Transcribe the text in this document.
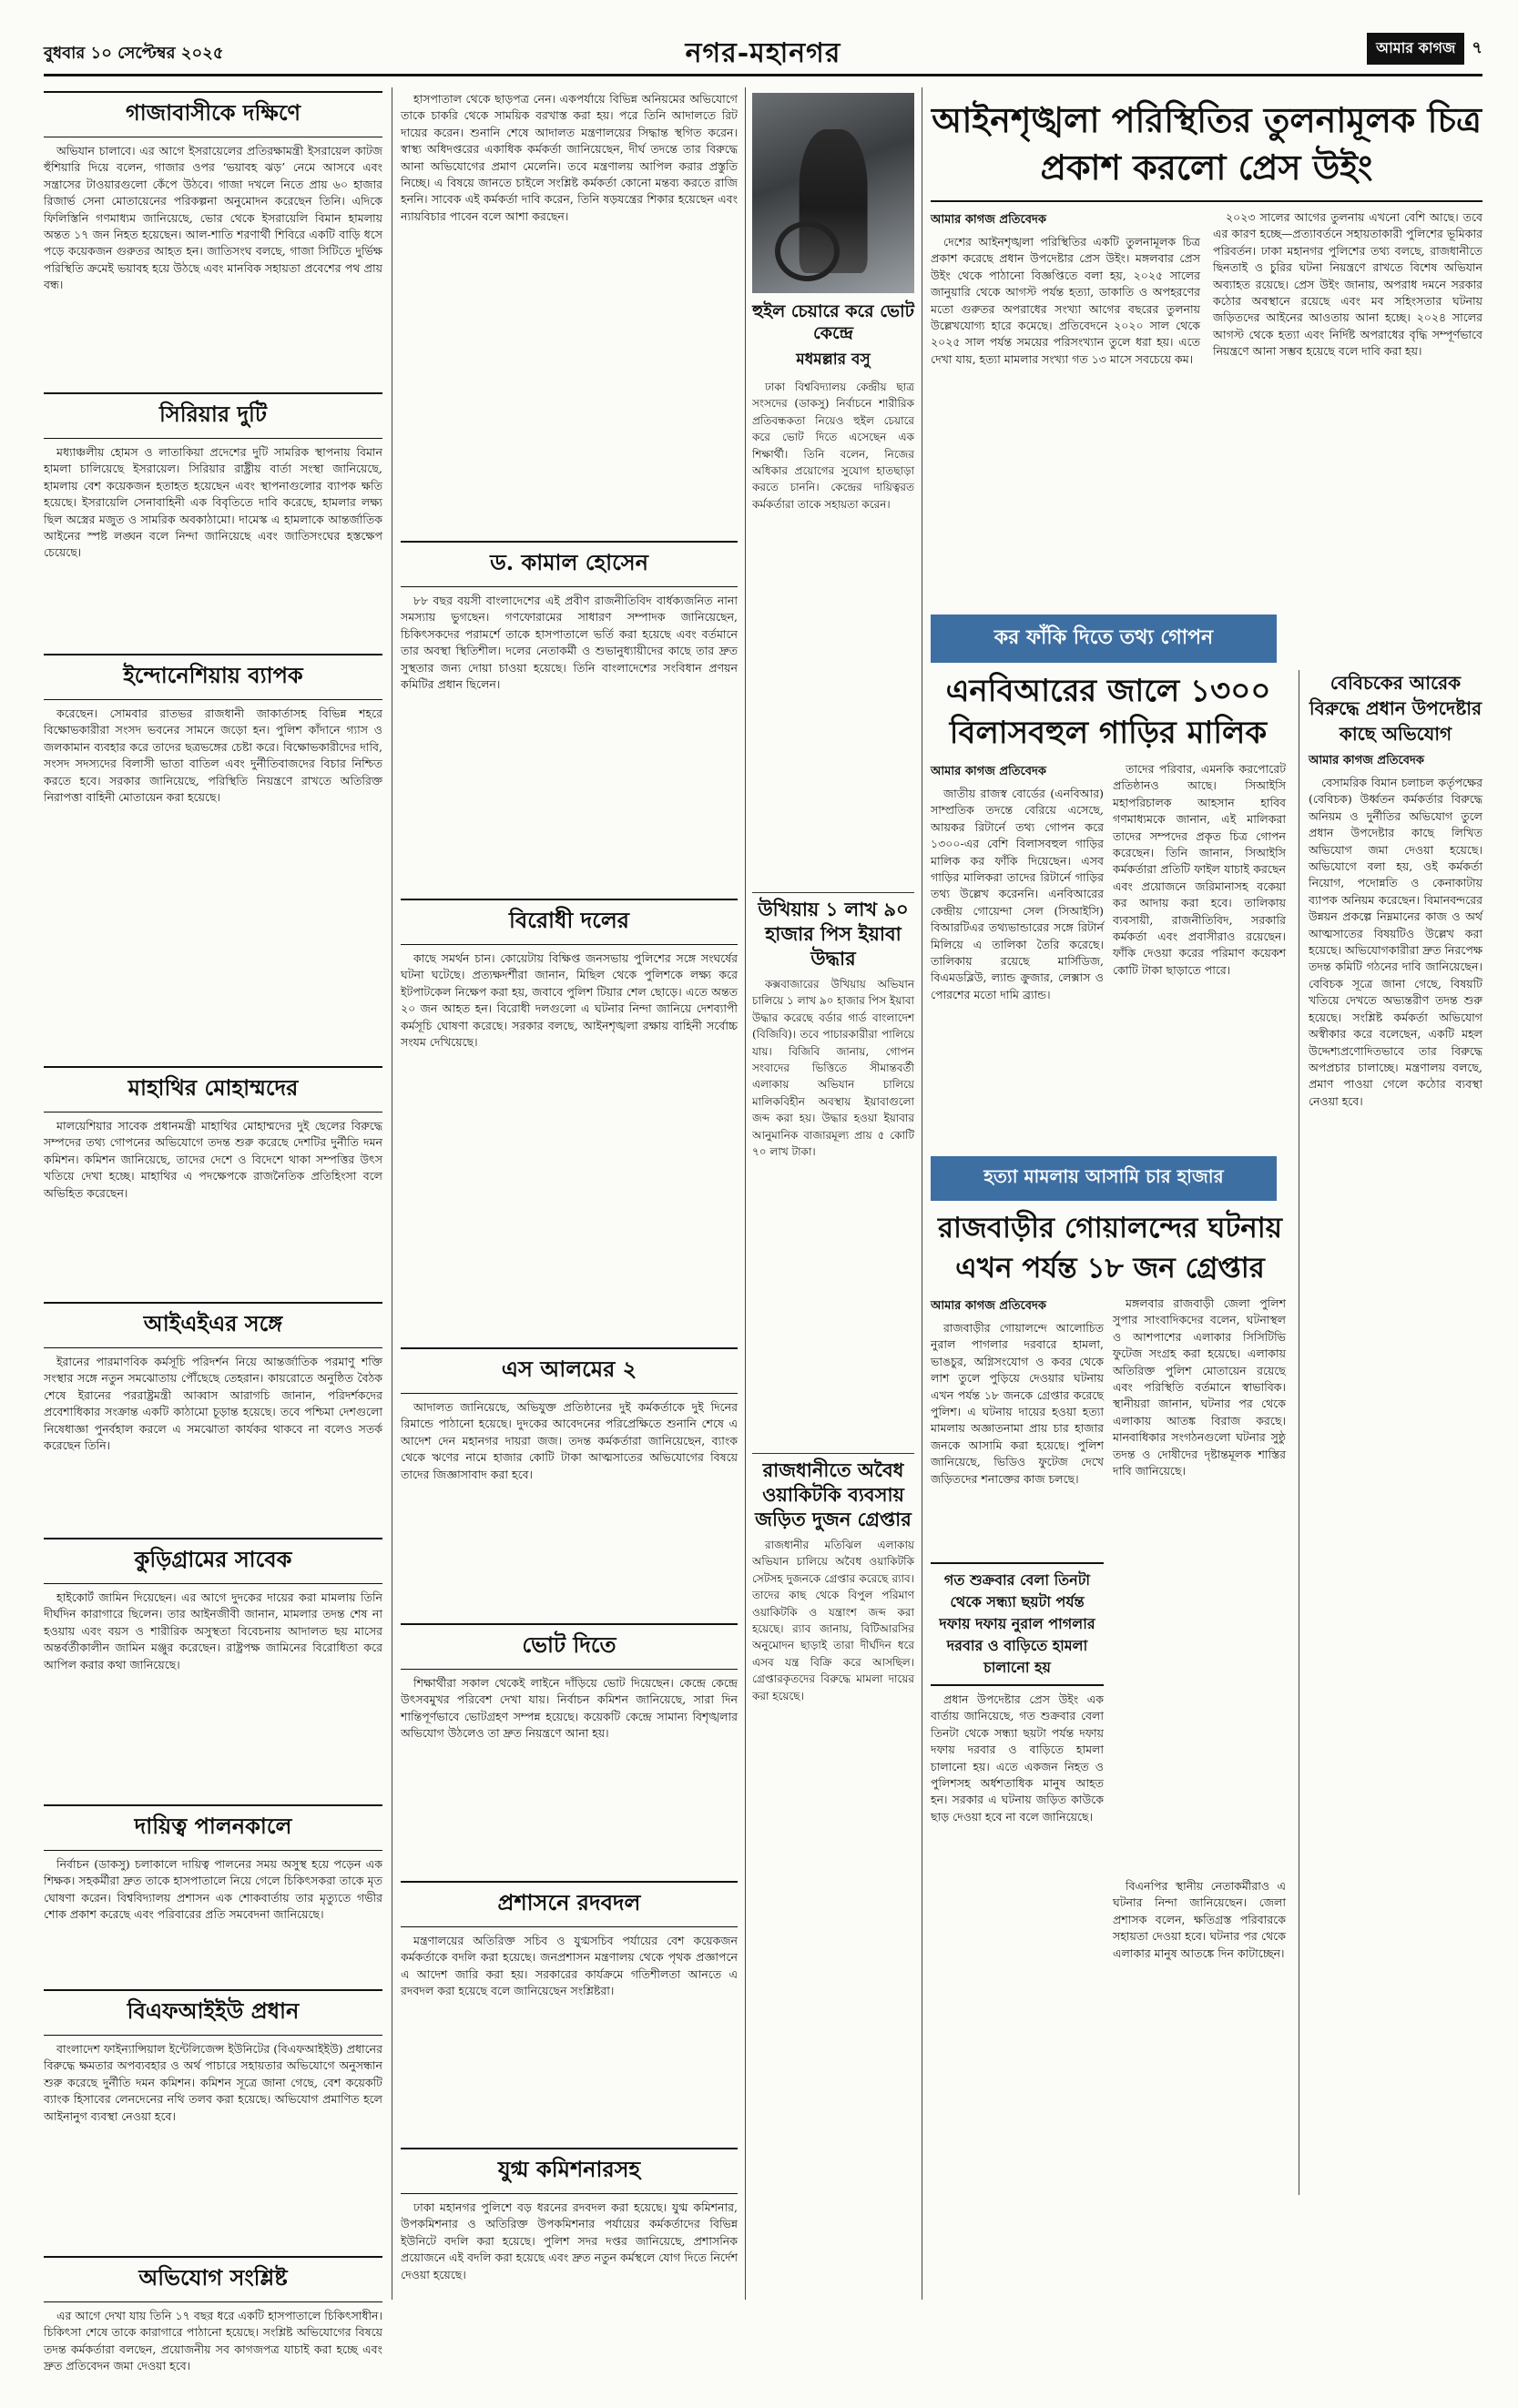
বুধবার ১০ সেপ্টেম্বর ২০২৫	নগর-মহানগর	আমার কাগজ	৭
গাজাবাসীকে দক্ষিণে

অভিযান চালাবে। এর আগে ইসরায়েলের প্রতিরক্ষামন্ত্রী ইসরায়েল কাটজ হুঁশিয়ারি দিয়ে বলেন, গাজার ওপর ‘ভয়াবহ ঝড়’ নেমে আসবে এবং সন্ত্রাসের টাওয়ারগুলো কেঁপে উঠবে। গাজা দখলে নিতে প্রায় ৬০ হাজার রিজার্ভ সেনা মোতায়েনের পরিকল্পনা অনুমোদন করেছেন তিনি। এদিকে ফিলিস্তিনি গণমাধ্যম জানিয়েছে, ভোর থেকে ইসরায়েলি বিমান হামলায় অন্তত ১৭ জন নিহত হয়েছেন। আল-শাতি শরণার্থী শিবিরে একটি বাড়ি ধসে পড়ে কয়েকজন গুরুতর আহত হন। জাতিসংঘ বলছে, গাজা সিটিতে দুর্ভিক্ষ পরিস্থিতি ক্রমেই ভয়াবহ হয়ে উঠছে এবং মানবিক সহায়তা প্রবেশের পথ প্রায় বন্ধ।

সিরিয়ার দুটি

মধ্যাঞ্চলীয় হোমস ও লাতাকিয়া প্রদেশের দুটি সামরিক স্থাপনায় বিমান হামলা চালিয়েছে ইসরায়েল। সিরিয়ার রাষ্ট্রীয় বার্তা সংস্থা জানিয়েছে, হামলায় বেশ কয়েকজন হতাহত হয়েছেন এবং স্থাপনাগুলোর ব্যাপক ক্ষতি হয়েছে। ইসরায়েলি সেনাবাহিনী এক বিবৃতিতে দাবি করেছে, হামলার লক্ষ্য ছিল অস্ত্রের মজুত ও সামরিক অবকাঠামো। দামেস্ক এ হামলাকে আন্তর্জাতিক আইনের স্পষ্ট লঙ্ঘন বলে নিন্দা জানিয়েছে এবং জাতিসংঘের হস্তক্ষেপ চেয়েছে।

ইন্দোনেশিয়ায় ব্যাপক

করেছেন। সোমবার রাতভর রাজধানী জাকার্তাসহ বিভিন্ন শহরে বিক্ষোভকারীরা সংসদ ভবনের সামনে জড়ো হন। পুলিশ কাঁদানে গ্যাস ও জলকামান ব্যবহার করে তাদের ছত্রভঙ্গের চেষ্টা করে। বিক্ষোভকারীদের দাবি, সংসদ সদস্যদের বিলাসী ভাতা বাতিল এবং দুর্নীতিবাজদের বিচার নিশ্চিত করতে হবে। সরকার জানিয়েছে, পরিস্থিতি নিয়ন্ত্রণে রাখতে অতিরিক্ত নিরাপত্তা বাহিনী মোতায়েন করা হয়েছে।

মাহাথির মোহাম্মদের

মালয়েশিয়ার সাবেক প্রধানমন্ত্রী মাহাথির মোহাম্মদের দুই ছেলের বিরুদ্ধে সম্পদের তথ্য গোপনের অভিযোগে তদন্ত শুরু করেছে দেশটির দুর্নীতি দমন কমিশন। কমিশন জানিয়েছে, তাদের দেশে ও বিদেশে থাকা সম্পত্তির উৎস খতিয়ে দেখা হচ্ছে। মাহাথির এ পদক্ষেপকে রাজনৈতিক প্রতিহিংসা বলে অভিহিত করেছেন।

আইএইএর সঙ্গে

ইরানের পারমাণবিক কর্মসূচি পরিদর্শন নিয়ে আন্তর্জাতিক পরমাণু শক্তি সংস্থার সঙ্গে নতুন সমঝোতায় পৌঁছেছে তেহরান। কায়রোতে অনুষ্ঠিত বৈঠক শেষে ইরানের পররাষ্ট্রমন্ত্রী আব্বাস আরাগচি জানান, পরিদর্শকদের প্রবেশাধিকার সংক্রান্ত একটি কাঠামো চূড়ান্ত হয়েছে। তবে পশ্চিমা দেশগুলো নিষেধাজ্ঞা পুনর্বহাল করলে এ সমঝোতা কার্যকর থাকবে না বলেও সতর্ক করেছেন তিনি।

কুড়িগ্রামের সাবেক

হাইকোর্ট জামিন দিয়েছেন। এর আগে দুদকের দায়ের করা মামলায় তিনি দীর্ঘদিন কারাগারে ছিলেন। তার আইনজীবী জানান, মামলার তদন্ত শেষ না হওয়ায় এবং বয়স ও শারীরিক অসুস্থতা বিবেচনায় আদালত ছয় মাসের অন্তর্বর্তীকালীন জামিন মঞ্জুর করেছেন। রাষ্ট্রপক্ষ জামিনের বিরোধিতা করে আপিল করার কথা জানিয়েছে।

দায়িত্ব পালনকালে

নির্বাচন (ডাকসু) চলাকালে দায়িত্ব পালনের সময় অসুস্থ হয়ে পড়েন এক শিক্ষক। সহকর্মীরা দ্রুত তাকে হাসপাতালে নিয়ে গেলে চিকিৎসকরা তাকে মৃত ঘোষণা করেন। বিশ্ববিদ্যালয় প্রশাসন এক শোকবার্তায় তার মৃত্যুতে গভীর শোক প্রকাশ করেছে এবং পরিবারের প্রতি সমবেদনা জানিয়েছে।

বিএফআইইউ প্রধান

বাংলাদেশ ফাইন্যান্সিয়াল ইন্টেলিজেন্স ইউনিটের (বিএফআইইউ) প্রধানের বিরুদ্ধে ক্ষমতার অপব্যবহার ও অর্থ পাচারে সহায়তার অভিযোগে অনুসন্ধান শুরু করেছে দুর্নীতি দমন কমিশন। কমিশন সূত্রে জানা গেছে, বেশ কয়েকটি ব্যাংক হিসাবের লেনদেনের নথি তলব করা হয়েছে। অভিযোগ প্রমাণিত হলে আইনানুগ ব্যবস্থা নেওয়া হবে।

অভিযোগ সংশ্লিষ্ট

এর আগে দেখা যায় তিনি ১৭ বছর ধরে একটি হাসপাতালে চিকিৎসাধীন। চিকিৎসা শেষে তাকে কারাগারে পাঠানো হয়েছে। সংশ্লিষ্ট অভিযোগের বিষয়ে তদন্ত কর্মকর্তারা বলছেন, প্রয়োজনীয় সব কাগজপত্র যাচাই করা হচ্ছে এবং দ্রুত প্রতিবেদন জমা দেওয়া হবে।

হাসপাতাল থেকে ছাড়পত্র নেন। একপর্যায়ে বিভিন্ন অনিয়মের অভিযোগে তাকে চাকরি থেকে সাময়িক বরখাস্ত করা হয়। পরে তিনি আদালতে রিট দায়ের করেন। শুনানি শেষে আদালত মন্ত্রণালয়ের সিদ্ধান্ত স্থগিত করেন। স্বাস্থ্য অধিদপ্তরের একাধিক কর্মকর্তা জানিয়েছেন, দীর্ঘ তদন্তে তার বিরুদ্ধে আনা অভিযোগের প্রমাণ মেলেনি। তবে মন্ত্রণালয় আপিল করার প্রস্তুতি নিচ্ছে। এ বিষয়ে জানতে চাইলে সংশ্লিষ্ট কর্মকর্তা কোনো মন্তব্য করতে রাজি হননি। সাবেক এই কর্মকর্তা দাবি করেন, তিনি ষড়যন্ত্রের শিকার হয়েছেন এবং ন্যায়বিচার পাবেন বলে আশা করছেন।

ড. কামাল হোসেন

৮৮ বছর বয়সী বাংলাদেশের এই প্রবীণ রাজনীতিবিদ বার্ধক্যজনিত নানা সমস্যায় ভুগছেন। গণফোরামের সাধারণ সম্পাদক জানিয়েছেন, চিকিৎসকদের পরামর্শে তাকে হাসপাতালে ভর্তি করা হয়েছে এবং বর্তমানে তার অবস্থা স্থিতিশীল। দলের নেতাকর্মী ও শুভানুধ্যায়ীদের কাছে তার দ্রুত সুস্থতার জন্য দোয়া চাওয়া হয়েছে। তিনি বাংলাদেশের সংবিধান প্রণয়ন কমিটির প্রধান ছিলেন।

বিরোধী দলের

কাছে সমর্থন চান। কোয়েটায় বিক্ষিপ্ত জনসভায় পুলিশের সঙ্গে সংঘর্ষের ঘটনা ঘটেছে। প্রত্যক্ষদর্শীরা জানান, মিছিল থেকে পুলিশকে লক্ষ্য করে ইটপাটকেল নিক্ষেপ করা হয়, জবাবে পুলিশ টিয়ার শেল ছোড়ে। এতে অন্তত ২০ জন আহত হন। বিরোধী দলগুলো এ ঘটনার নিন্দা জানিয়ে দেশব্যাপী কর্মসূচি ঘোষণা করেছে। সরকার বলছে, আইনশৃঙ্খলা রক্ষায় বাহিনী সর্বোচ্চ সংযম দেখিয়েছে।

এস আলমের ২

আদালত জানিয়েছে, অভিযুক্ত প্রতিষ্ঠানের দুই কর্মকর্তাকে দুই দিনের রিমান্ডে পাঠানো হয়েছে। দুদকের আবেদনের পরিপ্রেক্ষিতে শুনানি শেষে এ আদেশ দেন মহানগর দায়রা জজ। তদন্ত কর্মকর্তারা জানিয়েছেন, ব্যাংক থেকে ঋণের নামে হাজার কোটি টাকা আত্মসাতের অভিযোগের বিষয়ে তাদের জিজ্ঞাসাবাদ করা হবে।

ভোট দিতে

শিক্ষার্থীরা সকাল থেকেই লাইনে দাঁড়িয়ে ভোট দিয়েছেন। কেন্দ্রে কেন্দ্রে উৎসবমুখর পরিবেশ দেখা যায়। নির্বাচন কমিশন জানিয়েছে, সারা দিন শান্তিপূর্ণভাবে ভোটগ্রহণ সম্পন্ন হয়েছে। কয়েকটি কেন্দ্রে সামান্য বিশৃঙ্খলার অভিযোগ উঠলেও তা দ্রুত নিয়ন্ত্রণে আনা হয়।

প্রশাসনে রদবদল

মন্ত্রণালয়ের অতিরিক্ত সচিব ও যুগ্মসচিব পর্যায়ের বেশ কয়েকজন কর্মকর্তাকে বদলি করা হয়েছে। জনপ্রশাসন মন্ত্রণালয় থেকে পৃথক প্রজ্ঞাপনে এ আদেশ জারি করা হয়। সরকারের কার্যক্রমে গতিশীলতা আনতে এ রদবদল করা হয়েছে বলে জানিয়েছেন সংশ্লিষ্টরা।

যুগ্ম কমিশনারসহ

ঢাকা মহানগর পুলিশে বড় ধরনের রদবদল করা হয়েছে। যুগ্ম কমিশনার, উপকমিশনার ও অতিরিক্ত উপকমিশনার পর্যায়ের কর্মকর্তাদের বিভিন্ন ইউনিটে বদলি করা হয়েছে। পুলিশ সদর দপ্তর জানিয়েছে, প্রশাসনিক প্রয়োজনে এই বদলি করা হয়েছে এবং দ্রুত নতুন কর্মস্থলে যোগ দিতে নির্দেশ দেওয়া হয়েছে।

হুইল চেয়ারে করে ভোট কেন্দ্রে
মধমল্লার বসু

ঢাকা বিশ্ববিদ্যালয় কেন্দ্রীয় ছাত্র সংসদের (ডাকসু) নির্বাচনে শারীরিক প্রতিবন্ধকতা নিয়েও হুইল চেয়ারে করে ভোট দিতে এসেছেন এক শিক্ষার্থী। তিনি বলেন, নিজের অধিকার প্রয়োগের সুযোগ হাতছাড়া করতে চাননি। কেন্দ্রের দায়িত্বরত কর্মকর্তারা তাকে সহায়তা করেন।

উখিয়ায় ১ লাখ ৯০ হাজার পিস ইয়াবা উদ্ধার

কক্সবাজারের উখিয়ায় অভিযান চালিয়ে ১ লাখ ৯০ হাজার পিস ইয়াবা উদ্ধার করেছে বর্ডার গার্ড বাংলাদেশ (বিজিবি)। তবে পাচারকারীরা পালিয়ে যায়। বিজিবি জানায়, গোপন সংবাদের ভিত্তিতে সীমান্তবর্তী এলাকায় অভিযান চালিয়ে মালিকবিহীন অবস্থায় ইয়াবাগুলো জব্দ করা হয়। উদ্ধার হওয়া ইয়াবার আনুমানিক বাজারমূল্য প্রায় ৫ কোটি ৭০ লাখ টাকা।

রাজধানীতে অবৈধ ওয়াকিটকি ব্যবসায় জড়িত দুজন গ্রেপ্তার

রাজধানীর মতিঝিল এলাকায় অভিযান চালিয়ে অবৈধ ওয়াকিটকি সেটসহ দুজনকে গ্রেপ্তার করেছে র‌্যাব। তাদের কাছ থেকে বিপুল পরিমাণ ওয়াকিটকি ও যন্ত্রাংশ জব্দ করা হয়েছে। র‌্যাব জানায়, বিটিআরসির অনুমোদন ছাড়াই তারা দীর্ঘদিন ধরে এসব যন্ত্র বিক্রি করে আসছিল। গ্রেপ্তারকৃতদের বিরুদ্ধে মামলা দায়ের করা হয়েছে।

আইনশৃঙ্খলা পরিস্থিতির তুলনামূলক চিত্র প্রকাশ করলো প্রেস উইং
আমার কাগজ প্রতিবেদক

দেশের আইনশৃঙ্খলা পরিস্থিতির একটি তুলনামূলক চিত্র প্রকাশ করেছে প্রধান উপদেষ্টার প্রেস উইং। মঙ্গলবার প্রেস উইং থেকে পাঠানো বিজ্ঞপ্তিতে বলা হয়, ২০২৫ সালের জানুয়ারি থেকে আগস্ট পর্যন্ত হত্যা, ডাকাতি ও অপহরণের মতো গুরুতর অপরাধের সংখ্যা আগের বছরের তুলনায় উল্লেখযোগ্য হারে কমেছে। প্রতিবেদনে ২০২০ সাল থেকে ২০২৫ সাল পর্যন্ত সময়ের পরিসংখ্যান তুলে ধরা হয়। এতে দেখা যায়, হত্যা মামলার সংখ্যা গত ১৩ মাসে সবচেয়ে কম।

২০২৩ সালের আগের তুলনায় এখনো বেশি আছে। তবে এর কারণ হচ্ছে—প্রত্যাবর্তনে সহায়তাকারী পুলিশের ভূমিকার পরিবর্তন। ঢাকা মহানগর পুলিশের তথ্য বলছে, রাজধানীতে ছিনতাই ও চুরির ঘটনা নিয়ন্ত্রণে রাখতে বিশেষ অভিযান অব্যাহত রয়েছে। প্রেস উইং জানায়, অপরাধ দমনে সরকার কঠোর অবস্থানে রয়েছে এবং মব সহিংসতার ঘটনায় জড়িতদের আইনের আওতায় আনা হচ্ছে। ২০২৪ সালের আগস্ট থেকে হত্যা এবং নির্দিষ্ট অপরাধের বৃদ্ধি সম্পূর্ণভাবে নিয়ন্ত্রণে আনা সম্ভব হয়েছে বলে দাবি করা হয়।

কর ফাঁকি দিতে তথ্য গোপন
এনবিআরের জালে ১৩০০ বিলাসবহুল গাড়ির মালিক
আমার কাগজ প্রতিবেদক

জাতীয় রাজস্ব বোর্ডের (এনবিআর) সাম্প্রতিক তদন্তে বেরিয়ে এসেছে, আয়কর রিটার্নে তথ্য গোপন করে ১৩০০-এর বেশি বিলাসবহুল গাড়ির মালিক কর ফাঁকি দিয়েছেন। এসব গাড়ির মালিকরা তাদের রিটার্নে গাড়ির তথ্য উল্লেখ করেননি। এনবিআরের কেন্দ্রীয় গোয়েন্দা সেল (সিআইসি) বিআরটিএর তথ্যভান্ডারের সঙ্গে রিটার্ন মিলিয়ে এ তালিকা তৈরি করেছে। তালিকায় রয়েছে মার্সিডিজ, বিএমডব্লিউ, ল্যান্ড ক্রুজার, লেক্সাস ও পোরশের মতো দামি ব্র্যান্ড।

তাদের পরিবার, এমনকি করপোরেট প্রতিষ্ঠানও আছে। সিআইসি মহাপরিচালক আহসান হাবিব গণমাধ্যমকে জানান, এই মালিকরা তাদের সম্পদের প্রকৃত চিত্র গোপন করেছেন। তিনি জানান, সিআইসি কর্মকর্তারা প্রতিটি ফাইল যাচাই করছেন এবং প্রয়োজনে জরিমানাসহ বকেয়া কর আদায় করা হবে। তালিকায় ব্যবসায়ী, রাজনীতিবিদ, সরকারি কর্মকর্তা এবং প্রবাসীরাও রয়েছেন। ফাঁকি দেওয়া করের পরিমাণ কয়েকশ কোটি টাকা ছাড়াতে পারে।

বেবিচকের আরেক বিরুদ্ধে প্রধান উপদেষ্টার কাছে অভিযোগ
আমার কাগজ প্রতিবেদক

বেসামরিক বিমান চলাচল কর্তৃপক্ষের (বেবিচক) উর্ধ্বতন কর্মকর্তার বিরুদ্ধে অনিয়ম ও দুর্নীতির অভিযোগ তুলে প্রধান উপদেষ্টার কাছে লিখিত অভিযোগ জমা দেওয়া হয়েছে। অভিযোগে বলা হয়, ওই কর্মকর্তা নিয়োগ, পদোন্নতি ও কেনাকাটায় ব্যাপক অনিয়ম করেছেন। বিমানবন্দরের উন্নয়ন প্রকল্পে নিম্নমানের কাজ ও অর্থ আত্মসাতের বিষয়টিও উল্লেখ করা হয়েছে। অভিযোগকারীরা দ্রুত নিরপেক্ষ তদন্ত কমিটি গঠনের দাবি জানিয়েছেন। বেবিচক সূত্রে জানা গেছে, বিষয়টি খতিয়ে দেখতে অভ্যন্তরীণ তদন্ত শুরু হয়েছে। সংশ্লিষ্ট কর্মকর্তা অভিযোগ অস্বীকার করে বলেছেন, একটি মহল উদ্দেশ্যপ্রণোদিতভাবে তার বিরুদ্ধে অপপ্রচার চালাচ্ছে। মন্ত্রণালয় বলছে, প্রমাণ পাওয়া গেলে কঠোর ব্যবস্থা নেওয়া হবে।

হত্যা মামলায় আসামি চার হাজার
রাজবাড়ীর গোয়ালন্দের ঘটনায় এখন পর্যন্ত ১৮ জন গ্রেপ্তার
আমার কাগজ প্রতিবেদক

রাজবাড়ীর গোয়ালন্দে আলোচিত নুরাল পাগলার দরবারে হামলা, ভাঙচুর, অগ্নিসংযোগ ও কবর থেকে লাশ তুলে পুড়িয়ে দেওয়ার ঘটনায় এখন পর্যন্ত ১৮ জনকে গ্রেপ্তার করেছে পুলিশ। এ ঘটনায় দায়ের হওয়া হত্যা মামলায় অজ্ঞাতনামা প্রায় চার হাজার জনকে আসামি করা হয়েছে। পুলিশ জানিয়েছে, ভিডিও ফুটেজ দেখে জড়িতদের শনাক্তের কাজ চলছে।

গত শুক্রবার বেলা তিনটা থেকে সন্ধ্যা ছয়টা পর্যন্ত দফায় দফায় নুরাল পাগলার দরবার ও বাড়িতে হামলা চালানো হয়

প্রধান উপদেষ্টার প্রেস উইং এক বার্তায় জানিয়েছে, গত শুক্রবার বেলা তিনটা থেকে সন্ধ্যা ছয়টা পর্যন্ত দফায় দফায় দরবার ও বাড়িতে হামলা চালানো হয়। এতে একজন নিহত ও পুলিশসহ অর্ধশতাধিক মানুষ আহত হন। সরকার এ ঘটনায় জড়িত কাউকে ছাড় দেওয়া হবে না বলে জানিয়েছে।

মঙ্গলবার রাজবাড়ী জেলা পুলিশ সুপার সাংবাদিকদের বলেন, ঘটনাস্থল ও আশপাশের এলাকার সিসিটিভি ফুটেজ সংগ্রহ করা হয়েছে। এলাকায় অতিরিক্ত পুলিশ মোতায়েন রয়েছে এবং পরিস্থিতি বর্তমানে স্বাভাবিক। স্থানীয়রা জানান, ঘটনার পর থেকে এলাকায় আতঙ্ক বিরাজ করছে। মানবাধিকার সংগঠনগুলো ঘটনার সুষ্ঠু তদন্ত ও দোষীদের দৃষ্টান্তমূলক শাস্তির দাবি জানিয়েছে।

বিএনপির স্থানীয় নেতাকর্মীরাও এ ঘটনার নিন্দা জানিয়েছেন। জেলা প্রশাসক বলেন, ক্ষতিগ্রস্ত পরিবারকে সহায়তা দেওয়া হবে। ঘটনার পর থেকে এলাকার মানুষ আতঙ্কে দিন কাটাচ্ছেন।
